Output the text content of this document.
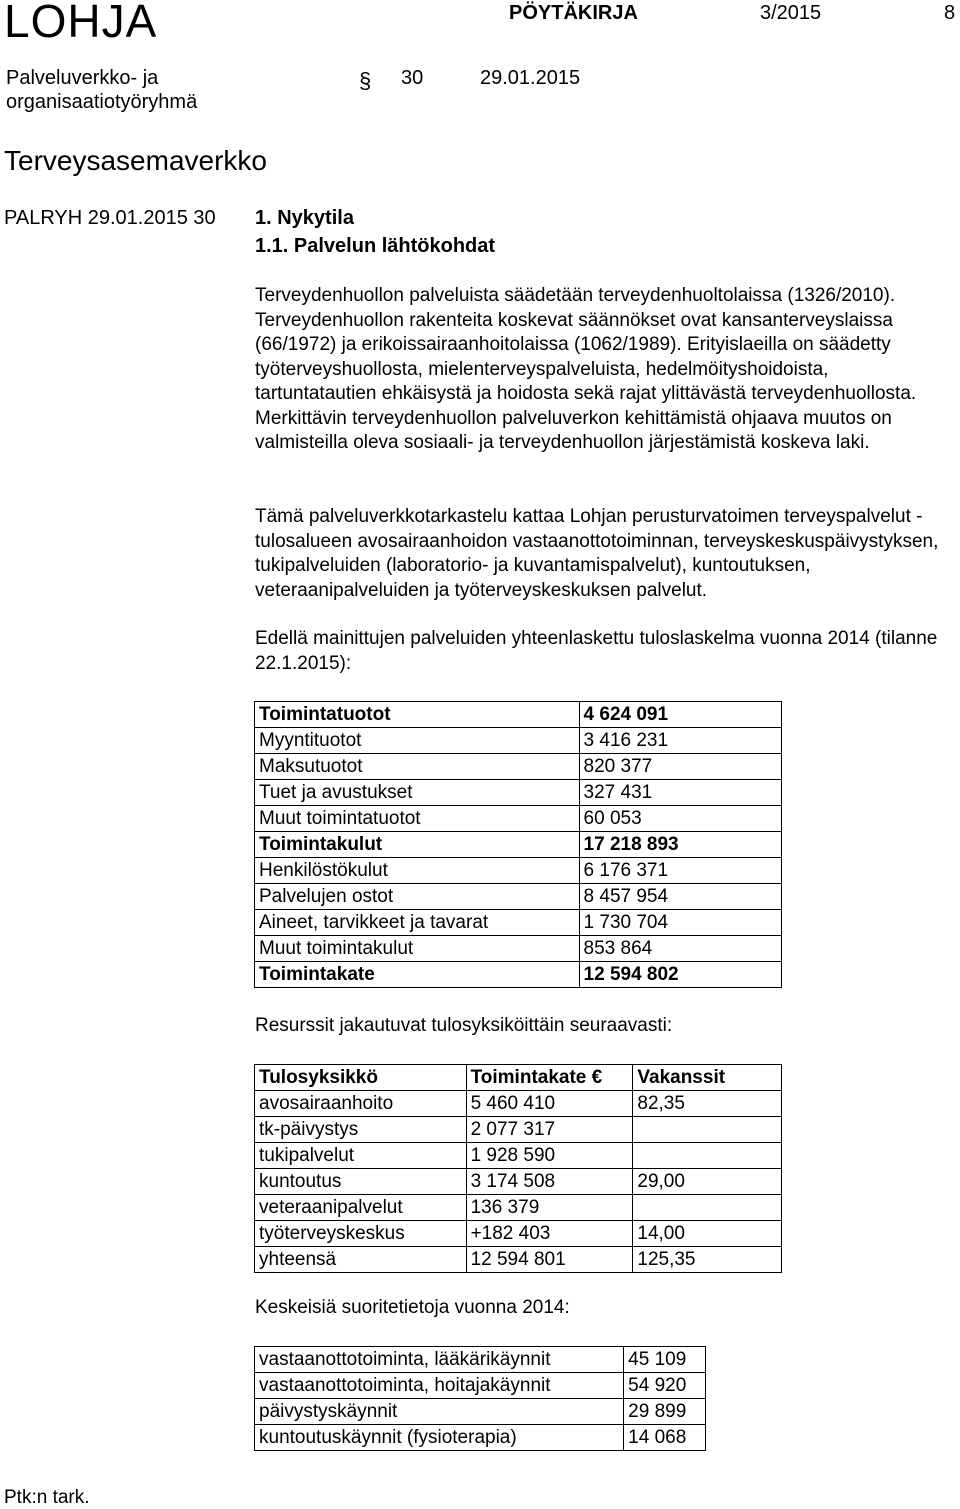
LOHJA	PÖYTÄKIRJA	3/2015	8
Palveluverkko- ja
organisaatiotyöryhmä
§ 30	29.01.2015
Terveysasemaverkko
PALRYH 29.01.2015 30 1. Nykytila
1.1. Palvelun lähtökohdat

Terveydenhuollon palveluista säädetään terveydenhuoltolaissa (1326/2010). Terveydenhuollon rakenteita koskevat säännökset ovat kansanterveyslaissa (66/1972) ja erikoissairaanhoitolaissa (1062/1989). Erityislaeilla on säädetty työterveyshuollosta, mielenterveyspalveluista, hedelmöityshoidoista, tartuntatautien ehkäisystä ja hoidosta sekä rajat ylittävästä terveydenhuollosta. Merkittävin terveydenhuollon palveluverkon kehittämistä ohjaava muutos on valmisteilla oleva sosiaali- ja terveydenhuollon järjestämistä koskeva laki.

Tämä palveluverkkotarkastelu kattaa Lohjan perusturvatoimen terveyspalvelut -tulosalueen avosairaanhoidon vastaanottotoiminnan, terveyskeskuspäivystyksen, tukipalveluiden (laboratorio- ja kuvantamispalvelut), kuntoutuksen, veteraanipalveluiden ja työterveyskeskuksen palvelut.

Edellä mainittujen palveluiden yhteenlaskettu tuloslaskelma vuonna 2014 (tilanne 22.1.2015):

Toimintatuotot	4 624 091
Myyntituotot	3 416 231
Maksutuotot	820 377
Tuet ja avustukset	327 431
Muut toimintatuotot	60 053
Toimintakulut	17 218 893
Henkilöstökulut	6 176 371
Palvelujen ostot	8 457 954
Aineet, tarvikkeet ja tavarat	1 730 704
Muut toimintakulut	853 864
Toimintakate	12 594 802
Resurssit jakautuvat tulosyksiköittäin seuraavasti:
Tulosyksikkö	Toimintakate €	Vakanssit
avosairaanhoito	5 460 410	82,35
tk-päivystys	2 077 317	
tukipalvelut	1 928 590	
kuntoutus	3 174 508	29,00
veteraanipalvelut	136 379	
työterveyskeskus	+182 403	14,00
yhteensä	12 594 801	125,35
Keskeisiä suoritetietoja vuonna 2014:
vastaanottotoiminta, lääkärikäynnit	45 109
vastaanottotoiminta, hoitajakäynnit	54 920
päivystyskäynnit	29 899
kuntoutuskäynnit (fysioterapia)	14 068
Ptk:n tark.
